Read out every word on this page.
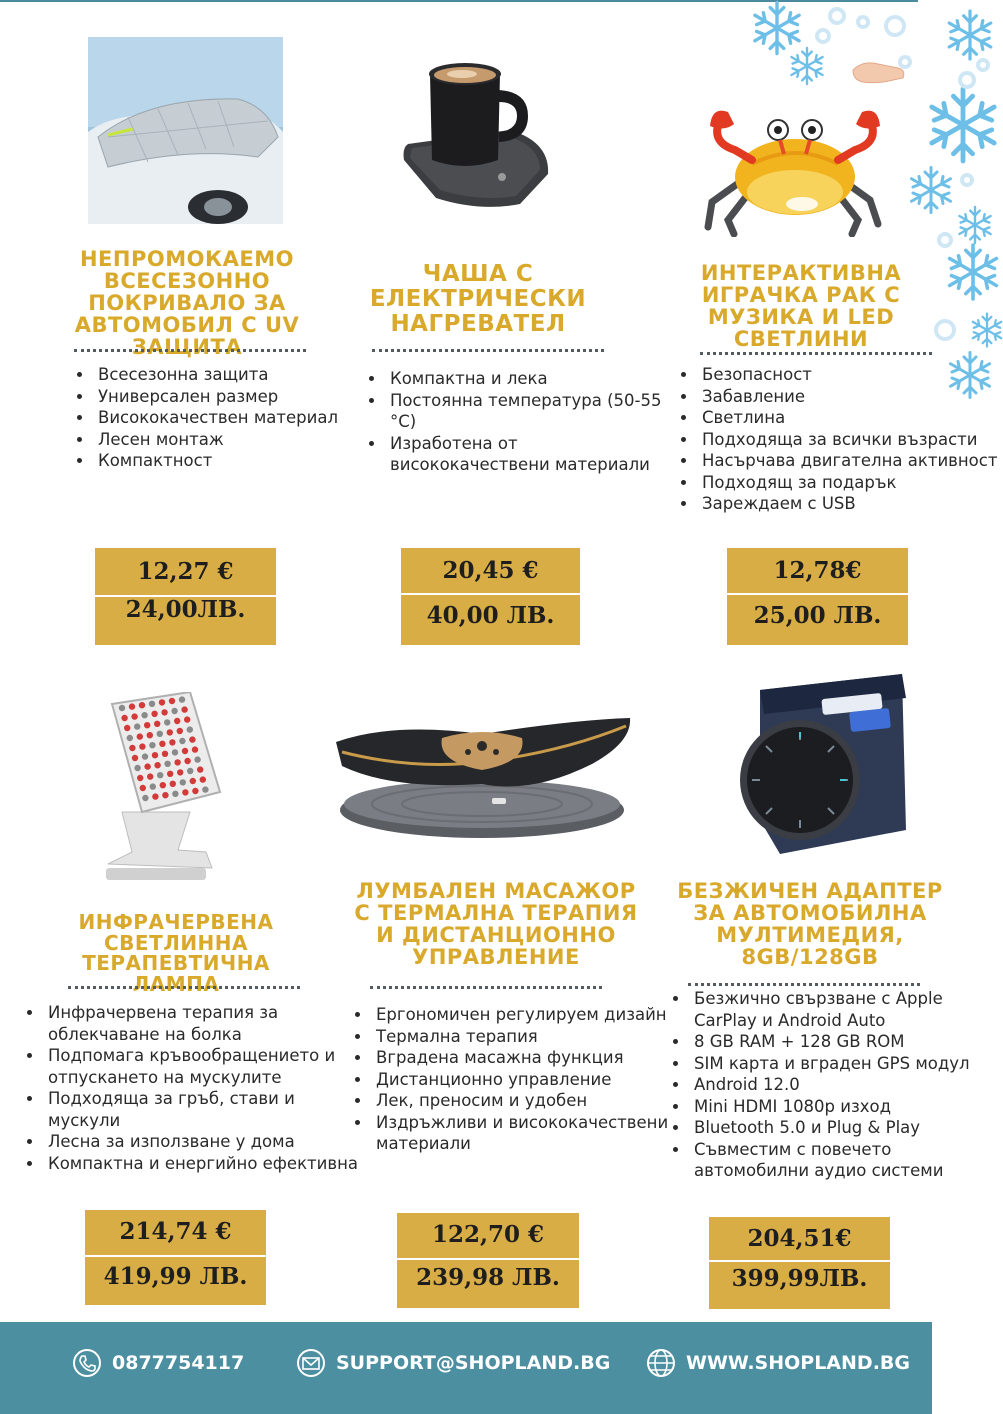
НЕПРОМОКАЕМО ВСЕСЕЗОННО ПОКРИВАЛО ЗА АВТОМОБИЛ С UV ЗАЩИТА
• Всесезонна защита
• Универсален размер
• Висококачествен материал
• Лесен монтаж
• Компактност
12,27 €
24,00ЛВ.
ЧАША С ЕЛЕКТРИЧЕСКИ НАГРЕВАТЕЛ
• Компактна и лека
• Постоянна температура (50-55 °C)
• Изработена от висококачествени материали
20,45 €
40,00 ЛВ.
ИНТЕРАКТИВНА ИГРАЧКА РАК С МУЗИКА И LED СВЕТЛИНИ
• Безопасност
• Забавление
• Светлина
• Подходяща за всички възрасти
• Насърчава двигателна активност
• Подходящ за подарък
• Зареждаем с USB
12,78€
25,00 ЛВ.
ИНФРАЧЕРВЕНА СВЕТЛИННА ТЕРАПЕВТИЧНА ЛАМПА
• Инфрачервена терапия за облекчаване на болка
• Подпомага кръвообращението и отпускането на мускулите
• Подходяща за гръб, стави и мускули
• Лесна за използване у дома
• Компактна и енергийно ефективна
214,74 €
419,99 ЛВ.
ЛУМБАЛЕН МАСАЖОР С ТЕРМАЛНА ТЕРАПИЯ И ДИСТАНЦИОННО УПРАВЛЕНИЕ
• Ергономичен регулируем дизайн
• Термална терапия
• Вградена масажна функция
• Дистанционно управление
• Лек, преносим и удобен
• Издръжливи и висококачествени материали
122,70 €
239,98 ЛВ.
БЕЗЖИЧЕН АДАПТЕР ЗА АВТОМОБИЛНА МУЛТИМЕДИЯ, 8GB/128GB
• Безжично свързване с Apple CarPlay и Android Auto
• 8 GB RAM + 128 GB ROM
• SIM карта и вграден GPS модул
• Android 12.0
• Mini HDMI 1080p изход
• Bluetooth 5.0 и Plug & Play
• Съвместим с повечето автомобилни аудио системи
204,51€
399,99ЛВ.
0877754117	SUPPORT@SHOPLAND.BG	WWW.SHOPLAND.BG
